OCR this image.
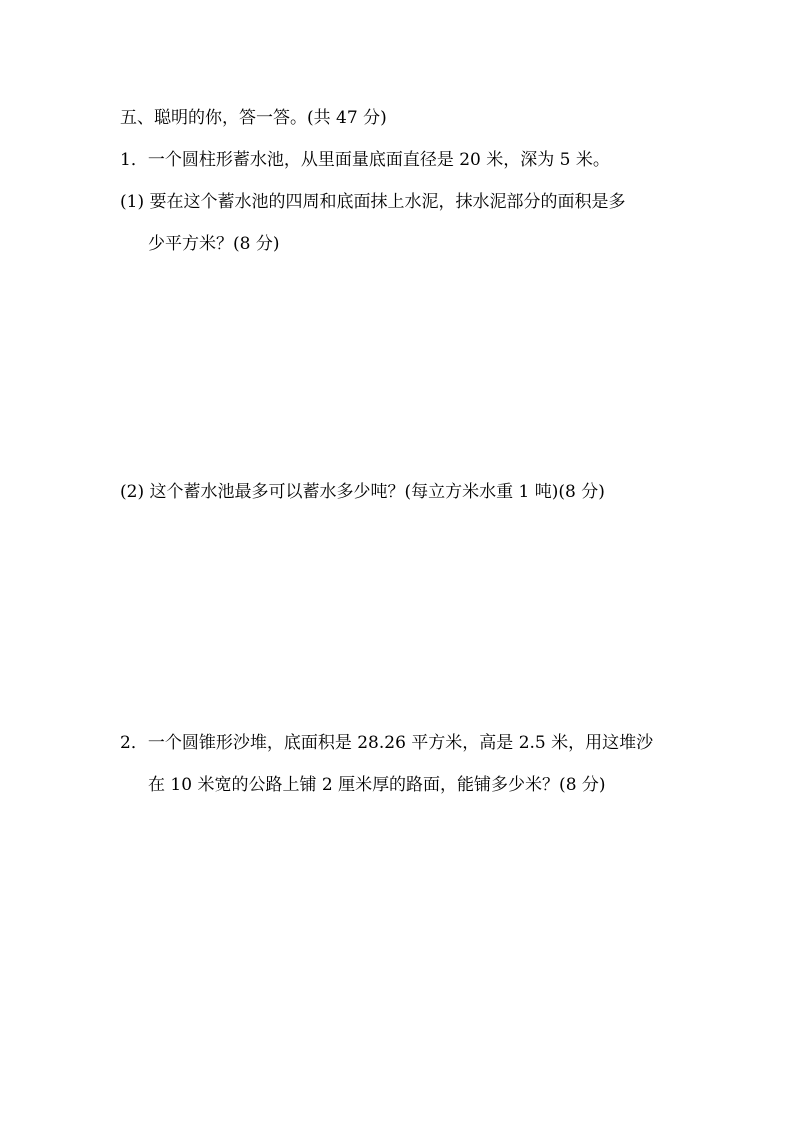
五、聪明的你，答一答。(共 47 分)
1．一个圆柱形蓄水池，从里面量底面直径是 20 米，深为 5 米。
(1) 要在这个蓄水池的四周和底面抹上水泥，抹水泥部分的面积是多
少平方米？(8 分)
(2) 这个蓄水池最多可以蓄水多少吨？(每立方米水重 1 吨)(8 分)
2．一个圆锥形沙堆，底面积是 28.26 平方米，高是 2.5 米，用这堆沙
在 10 米宽的公路上铺 2 厘米厚的路面，能铺多少米？(8 分)
